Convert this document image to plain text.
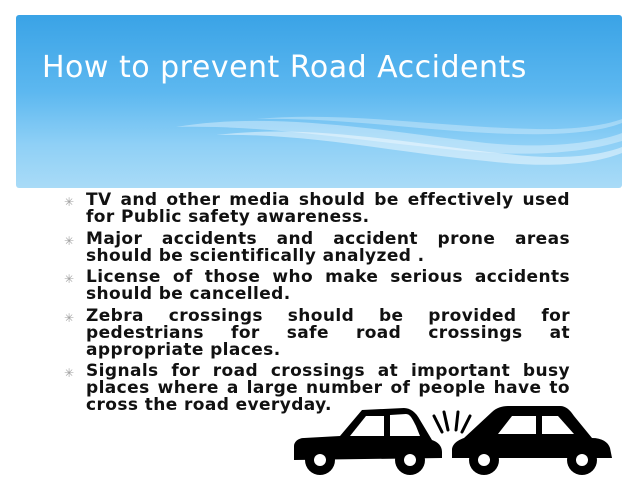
How to prevent Road Accidents
✳ TV and other media should be effectively used for Public safety awareness.
✳ Major accidents and accident prone areas should be scientifically analyzed .
✳ License of those who make serious accidents should be cancelled.
✳ Zebra crossings should be provided for pedestrians for safe road crossings at appropriate places.
✳ Signals for road crossings at important busy places where a large number of people have to cross the road everyday.
